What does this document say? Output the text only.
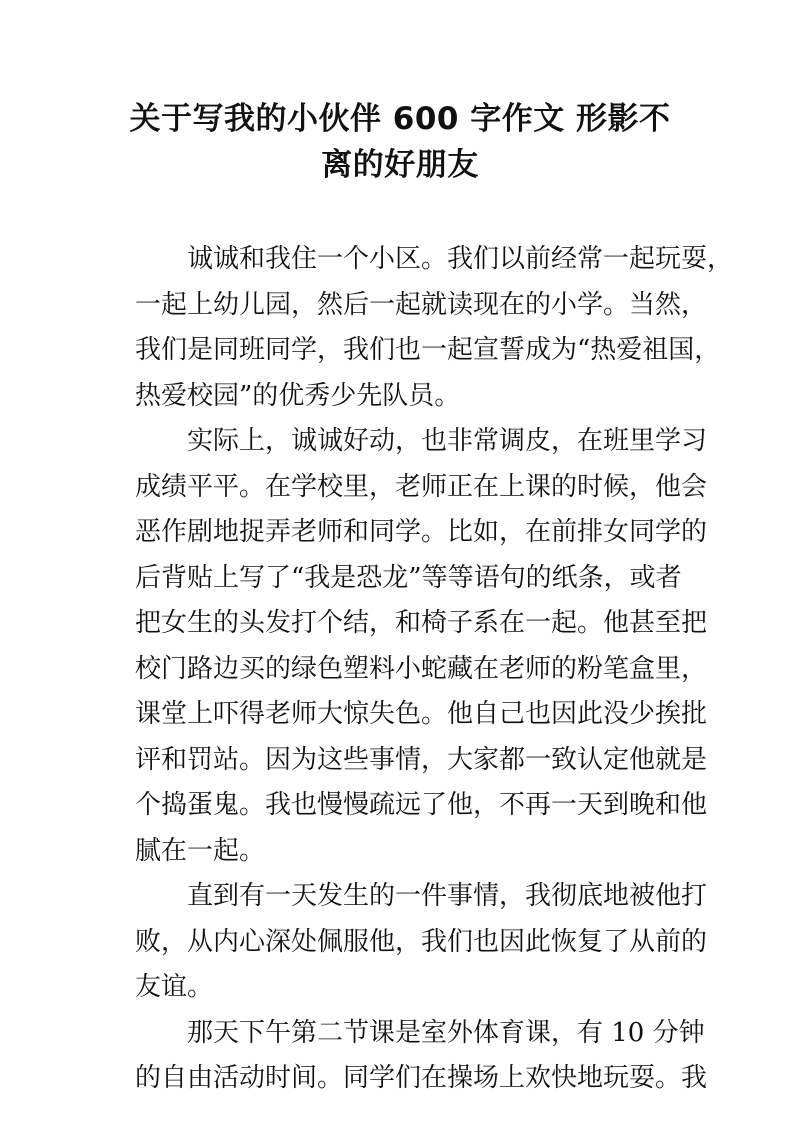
关于写我的小伙伴 600 字作文 形影不
离的好朋友

　　诚诚和我住一个小区。我们以前经常一起玩耍，
一起上幼儿园，然后一起就读现在的小学。当然，
我们是同班同学，我们也一起宣誓成为“热爱祖国，
热爱校园”的优秀少先队员。

　　实际上，诚诚好动，也非常调皮，在班里学习
成绩平平。在学校里，老师正在上课的时候，他会
恶作剧地捉弄老师和同学。比如，在前排女同学的
后背贴上写了“我是恐龙”等等语句的纸条，或者
把女生的头发打个结，和椅子系在一起。他甚至把
校门路边买的绿色塑料小蛇藏在老师的粉笔盒里，
课堂上吓得老师大惊失色。他自己也因此没少挨批
评和罚站。因为这些事情，大家都一致认定他就是
个捣蛋鬼。我也慢慢疏远了他，不再一天到晚和他
腻在一起。

　　直到有一天发生的一件事情，我彻底地被他打
败，从内心深处佩服他，我们也因此恢复了从前的
友谊。

　　那天下午第二节课是室外体育课，有 10 分钟
的自由活动时间。同学们在操场上欢快地玩耍。我
